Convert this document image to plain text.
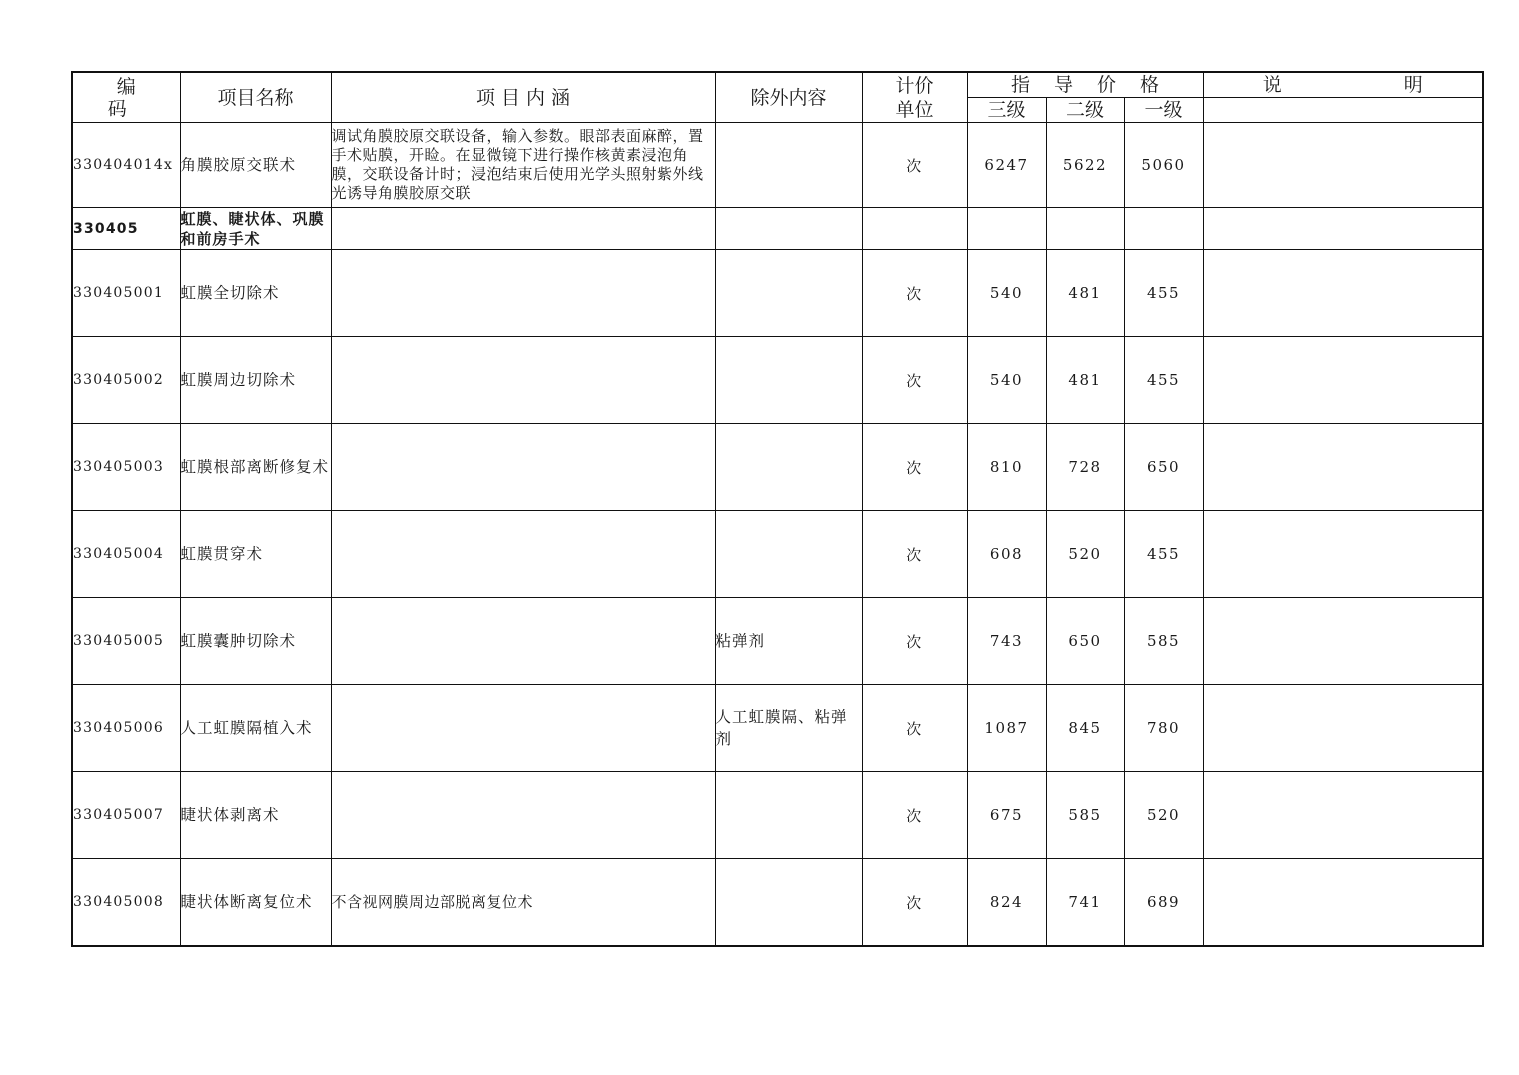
编 码	项目名称	项 目 内 涵	除外内容	计价
单位	指 导 价 格			说 明
					三级	二级	一级	
330404014x	角膜胶原交联术	调试角膜胶原交联设备，输入参数。眼部表面麻醉，置手术贴膜，开睑。在显微镜下进行操作核黄素浸泡角膜，交联设备计时；浸泡结束后使用光学头照射紫外线光诱导角膜胶原交联		次	6247	5622	5060	
330405	虹膜、睫状体、巩膜和前房手术							
330405001	虹膜全切除术			次	540	481	455	
330405002	虹膜周边切除术			次	540	481	455	
330405003	虹膜根部离断修复术			次	810	728	650	
330405004	虹膜贯穿术			次	608	520	455	
330405005	虹膜囊肿切除术		粘弹剂	次	743	650	585	
330405006	人工虹膜隔植入术		人工虹膜隔、粘弹剂	次	1087	845	780	
330405007	睫状体剥离术			次	675	585	520	
330405008	睫状体断离复位术	不含视网膜周边部脱离复位术		次	824	741	689	
